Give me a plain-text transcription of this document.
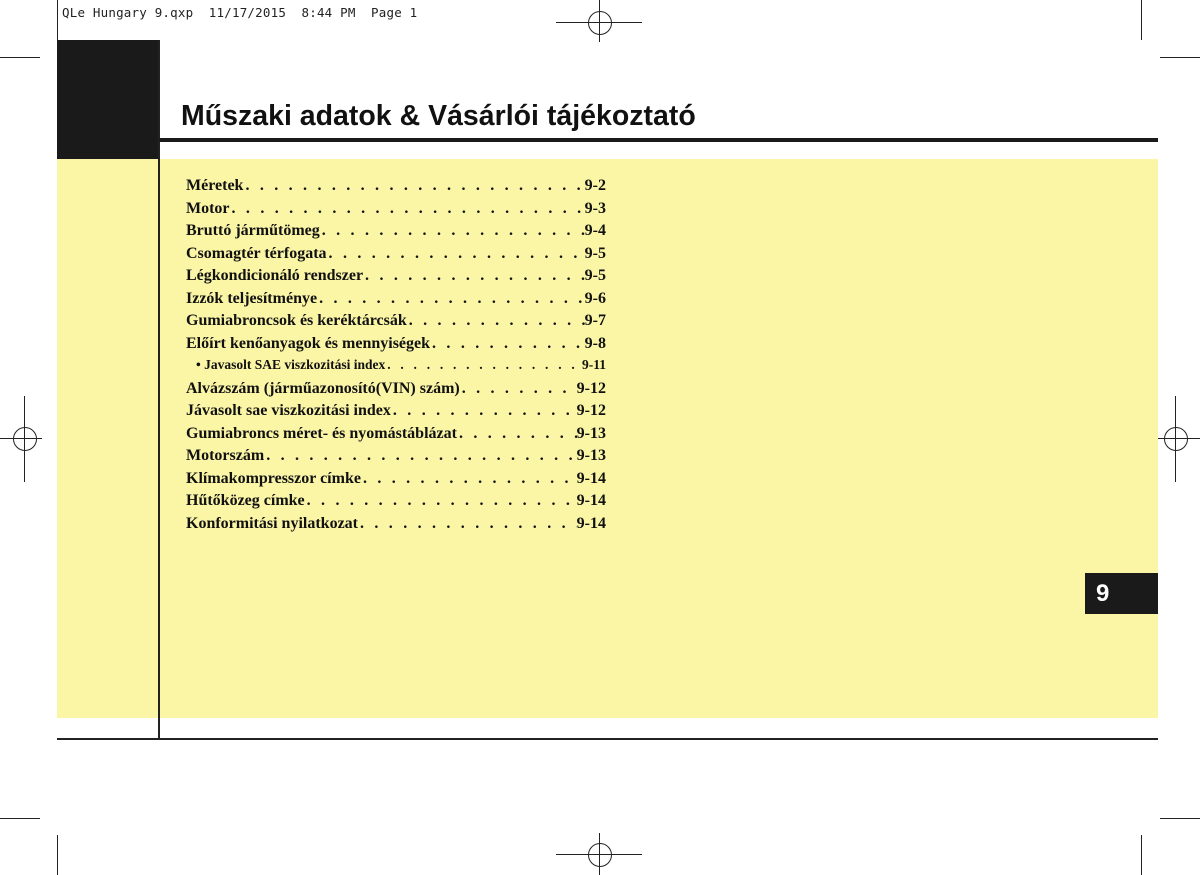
QLe Hungary 9.qxp  11/17/2015  8:44 PM  Page 1
Műszaki adatok & Vásárlói tájékoztató
Méretek . . .	9-2
Motor . . .	9-3
Bruttó járműtömeg . . .	9-4
Csomagtér térfogata . . .	9-5
Légkondicionáló rendszer . . .	9-5
Izzók teljesítménye . . .	9-6
Gumiabroncsok és keréktárcsák . . .	9-7
Előírt kenőanyagok és mennyiségek . . .	9-8
• Javasolt SAE viszkozitási index . . .	9-11
Alvázszám (járműazonosító(VIN) szám) . . .	9-12
Jávasolt sae viszkozitási index . . .	9-12
Gumiabroncs méret- és nyomástáblázat . . .	9-13
Motorszám . . .	9-13
Klímakompresszor címke . . .	9-14
Hűtőközeg címke . . .	9-14
Konformitási nyilatkozat . . .	9-14
9
